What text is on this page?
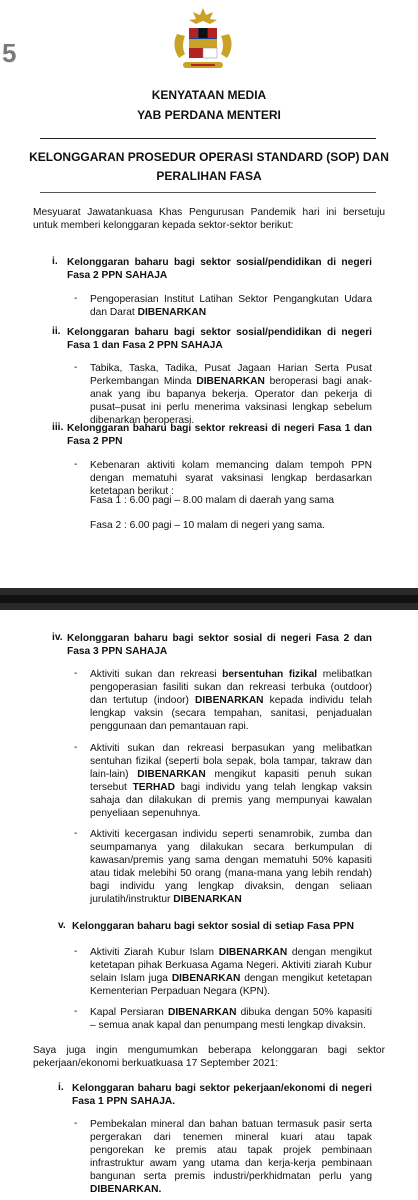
5
KENYATAAN MEDIA
YAB PERDANA MENTERI
KELONGGARAN PROSEDUR OPERASI STANDARD (SOP) DAN
PERALIHAN FASA
Mesyuarat Jawatankuasa Khas Pengurusan Pandemik hari ini bersetuju untuk memberi kelonggaran kepada sektor-sektor berikut:
i. Kelonggaran baharu bagi sektor sosial/pendidikan di negeri Fasa 2 PPN SAHAJA
- Pengoperasian Institut Latihan Sektor Pengangkutan Udara dan Darat DIBENARKAN
ii. Kelonggaran baharu bagi sektor sosial/pendidikan di negeri Fasa 1 dan Fasa 2 PPN SAHAJA
- Tabika, Taska, Tadika, Pusat Jagaan Harian Serta Pusat Perkembangan Minda DIBENARKAN beroperasi bagi anak-anak yang ibu bapanya bekerja. Operator dan pekerja di pusat–pusat ini perlu menerima vaksinasi lengkap sebelum dibenarkan beroperasi.
iii. Kelonggaran baharu bagi sektor rekreasi di negeri Fasa 1 dan Fasa 2 PPN
- Kebenaran aktiviti kolam memancing dalam tempoh PPN dengan mematuhi syarat vaksinasi lengkap berdasarkan ketetapan berikut :
Fasa 1 : 6.00 pagi – 8.00 malam di daerah yang sama
Fasa 2 : 6.00 pagi – 10 malam di negeri yang sama.
iv. Kelonggaran baharu bagi sektor sosial di negeri Fasa 2 dan Fasa 3 PPN SAHAJA
- Aktiviti sukan dan rekreasi bersentuhan fizikal melibatkan pengoperasian fasiliti sukan dan rekreasi terbuka (outdoor) dan tertutup (indoor) DIBENARKAN kepada individu telah lengkap vaksin (secara tempahan, sanitasi, penjadualan penggunaan dan pemantauan rapi.
- Aktiviti sukan dan rekreasi berpasukan yang melibatkan sentuhan fizikal (seperti bola sepak, bola tampar, takraw dan lain-lain) DIBENARKAN mengikut kapasiti penuh sukan tersebut TERHAD bagi individu yang telah lengkap vaksin sahaja dan dilakukan di premis yang mempunyai kawalan penyeliaan sepenuhnya.
- Aktiviti kecergasan individu seperti senamrobik, zumba dan seumpamanya yang dilakukan secara berkumpulan di kawasan/premis yang sama dengan mematuhi 50% kapasiti atau tidak melebihi 50 orang (mana-mana yang lebih rendah) bagi individu yang lengkap divaksin, dengan seliaan jurulatih/instruktur DIBENARKAN
v. Kelonggaran baharu bagi sektor sosial di setiap Fasa PPN
- Aktiviti Ziarah Kubur Islam DIBENARKAN dengan mengikut ketetapan pihak Berkuasa Agama Negeri. Aktiviti ziarah Kubur selain Islam juga DIBENARKAN dengan mengikut ketetapan Kementerian Perpaduan Negara (KPN).
- Kapal Persiaran DIBENARKAN dibuka dengan 50% kapasiti – semua anak kapal dan penumpang mesti lengkap divaksin.
Saya juga ingin mengumumkan beberapa kelonggaran bagi sektor pekerjaan/ekonomi berkuatkuasa 17 September 2021:
i. Kelonggaran baharu bagi sektor pekerjaan/ekonomi di negeri Fasa 1 PPN SAHAJA.
- Pembekalan mineral dan bahan batuan termasuk pasir serta pergerakan dari tenemen mineral kuari atau tapak pengorekan ke premis atau tapak projek pembinaan infrastruktur awam yang utama dan kerja-kerja pembinaan bangunan serta premis industri/perkhidmatan perlu yang DIBENARKAN.
